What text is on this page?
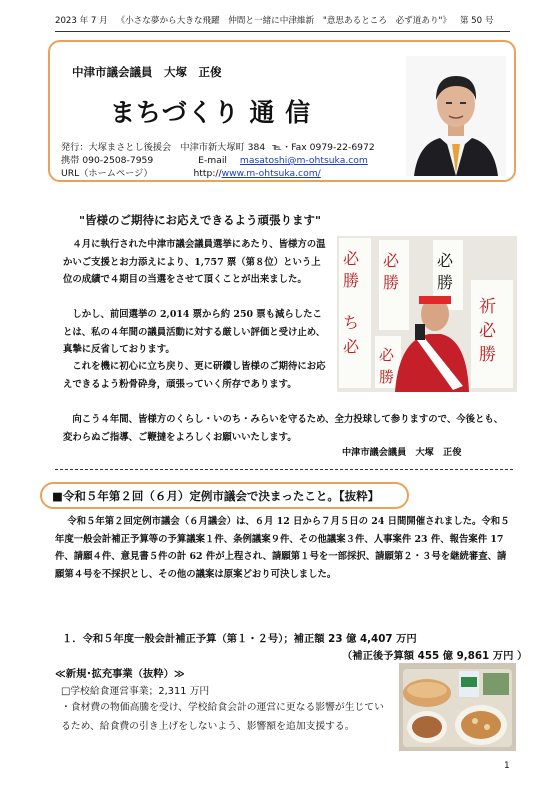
2023 年 7 月 《小さな夢から大きな飛躍　仲間と一緒に中津維新 "意思あるところ　必ず道あり"》 第 50 号
中津市議会議員　大塚　正俊
まちづくり 通 信
発行：大塚まさとし後援会　中津市新大塚町 384 ℡・Fax 0979-22-6972
携帯 090-2508-7959	E-mail masatoshi@m-ohtsuka.com
URL（ホームページ）	http://www.m-ohtsuka.com/
"皆様のご期待にお応えできるよう頑張ります"
４月に執行された中津市議会議員選挙にあたり、皆様方の温かいご支援とお力添えにより、1,757 票（第８位）という上位の成績で４期目の当選をさせて頂くことが出来ました。
しかし、前回選挙の 2,014 票から約 250 票も減らしたことは、私の４年間の議員活動に対する厳しい評価と受け止め、真摯に反省しております。
これを機に初心に立ち戻り、更に研鑽し皆様のご期待にお応えできるよう粉骨砕身，頑張っていく所存であります。
向こう４年間、皆様方のくらし・いのち・みらいを守るため、全力投球して参りますので、今後とも、変わらぬご指導、ご鞭撻をよろしくお願いいたします。
必
勝
ち
必
必
勝
必
勝
祈
必
勝
必
勝
中津市議会議員　大塚　正俊
■令和５年第２回（６月）定例市議会で決まったこと。【抜粋】
令和５年第２回定例市議会（６月議会）は、６月 12 日から７月５日の 24 日間開催されました。令和５年度一般会計補正予算等の予算議案１件、条例議案９件、その他議案３件、人事案件 23 件、報告案件 17 件、請願４件、意見書５件の計 62 件が上程され、請願第１号を一部採択、請願第２・３号を継続審査、請願第４号を不採択とし、その他の議案は原案どおり可決しました。
１．令和５年度一般会計補正予算（第１・２号）；補正額 23 億 4,407 万円
（補正後予算額 455 億 9,861 万円 ）
≪新規･拡充事業（抜粋）≫
□学校給食運営事業；2,311 万円
・食材費の物価高騰を受け、学校給食会計の運営に更なる影響が生じているため、給食費の引き上げをしないよう、影響額を追加支援する。
1
